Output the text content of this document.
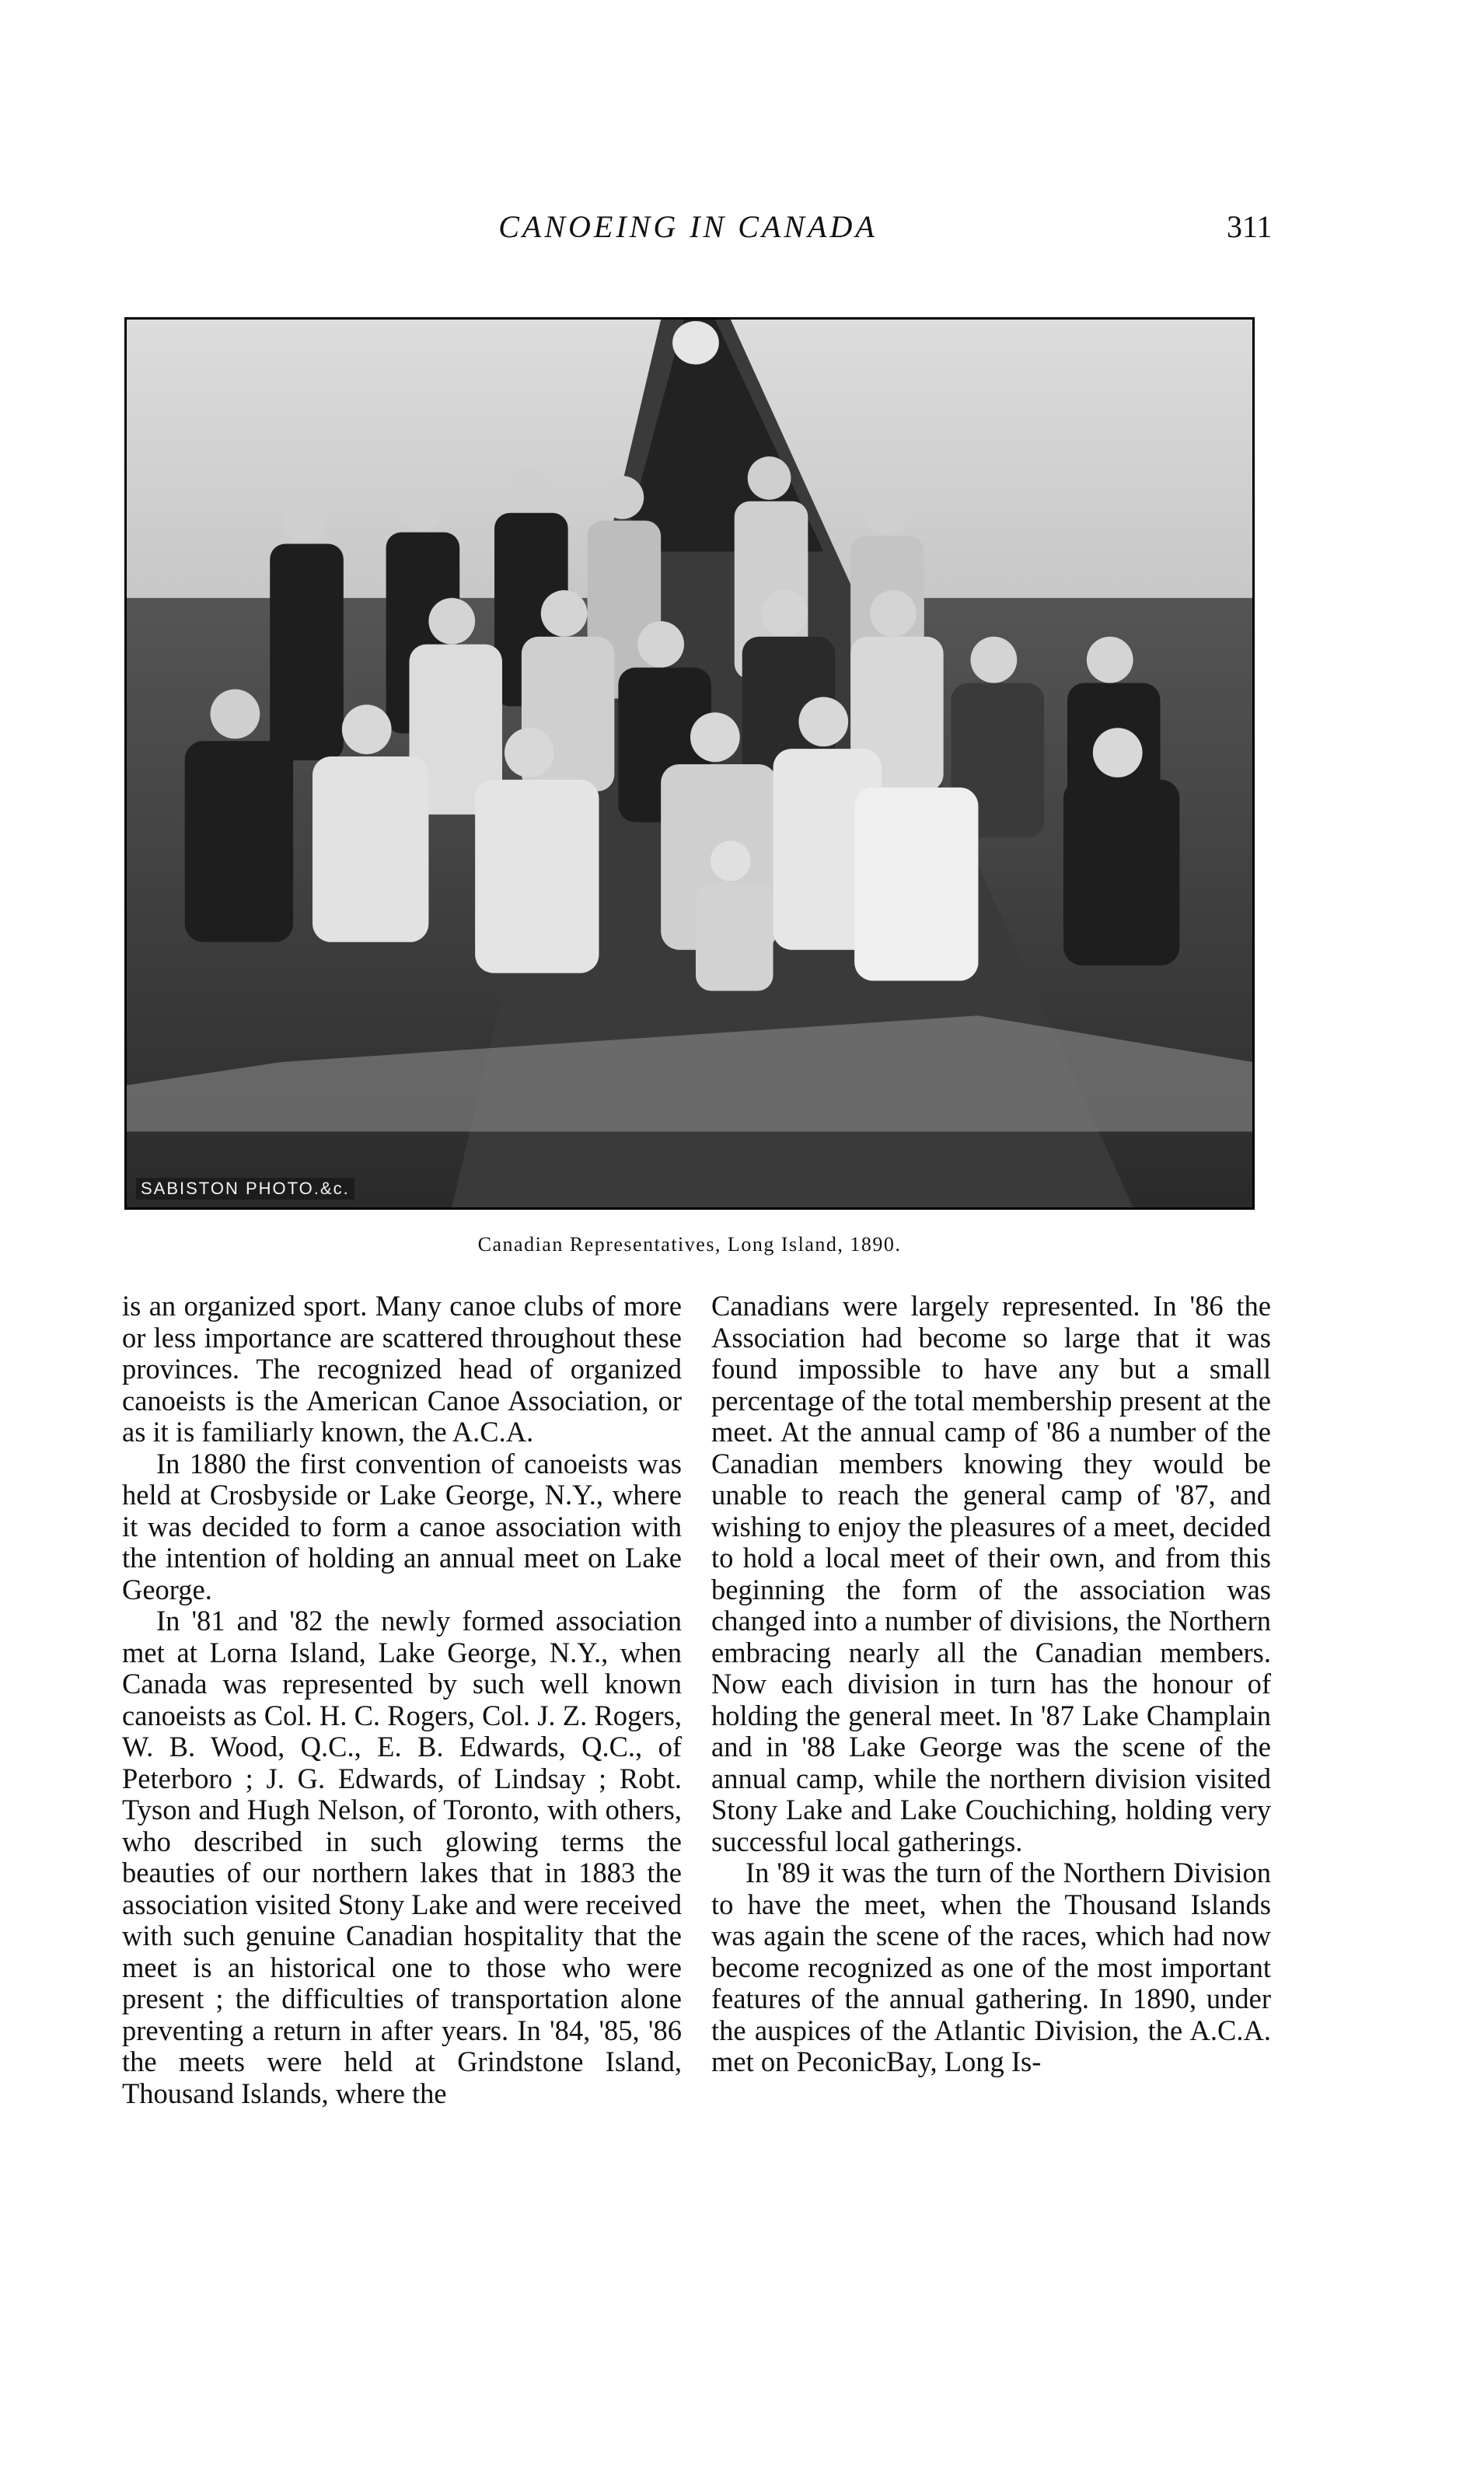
CANOEING IN CANADA	311
SABISTON PHOTO.&c.
Canadian Representatives, Long Island, 1890.

is an organized sport. Many canoe clubs of more or less importance are scattered throughout these provinces. The recognized head of organized canoeists is the American Canoe Association, or as it is familiarly known, the A.C.A.

In 1880 the first convention of canoeists was held at Crosbyside or Lake George, N.Y., where it was decided to form a canoe association with the intention of holding an annual meet on Lake George.

In '81 and '82 the newly formed association met at Lorna Island, Lake George, N.Y., when Canada was represented by such well known canoeists as Col. H. C. Rogers, Col. J. Z. Rogers, W. B. Wood, Q.C., E. B. Edwards, Q.C., of Peterboro ; J. G. Edwards, of Lindsay ; Robt. Tyson and Hugh Nelson, of Toronto, with others, who described in such glowing terms the beauties of our northern lakes that in 1883 the association visited Stony Lake and were received with such genuine Canadian hospitality that the meet is an historical one to those who were present ; the difficulties of transportation alone preventing a return in after years. In '84, '85, '86 the meets were held at Grindstone Island, Thousand Islands, where the

Canadians were largely represented. In '86 the Association had become so large that it was found impossible to have any but a small percentage of the total membership present at the meet. At the annual camp of '86 a number of the Canadian members knowing they would be unable to reach the general camp of '87, and wishing to enjoy the pleasures of a meet, decided to hold a local meet of their own, and from this beginning the form of the association was changed into a number of divisions, the Northern embracing nearly all the Canadian members. Now each division in turn has the honour of holding the general meet. In '87 Lake Champlain and in '88 Lake George was the scene of the annual camp, while the northern division visited Stony Lake and Lake Couchiching, holding very successful local gatherings.

In '89 it was the turn of the Northern Division to have the meet, when the Thousand Islands was again the scene of the races, which had now become recognized as one of the most important features of the annual gathering. In 1890, under the auspices of the Atlantic Division, the A.C.A. met on PeconicBay, Long Is-
